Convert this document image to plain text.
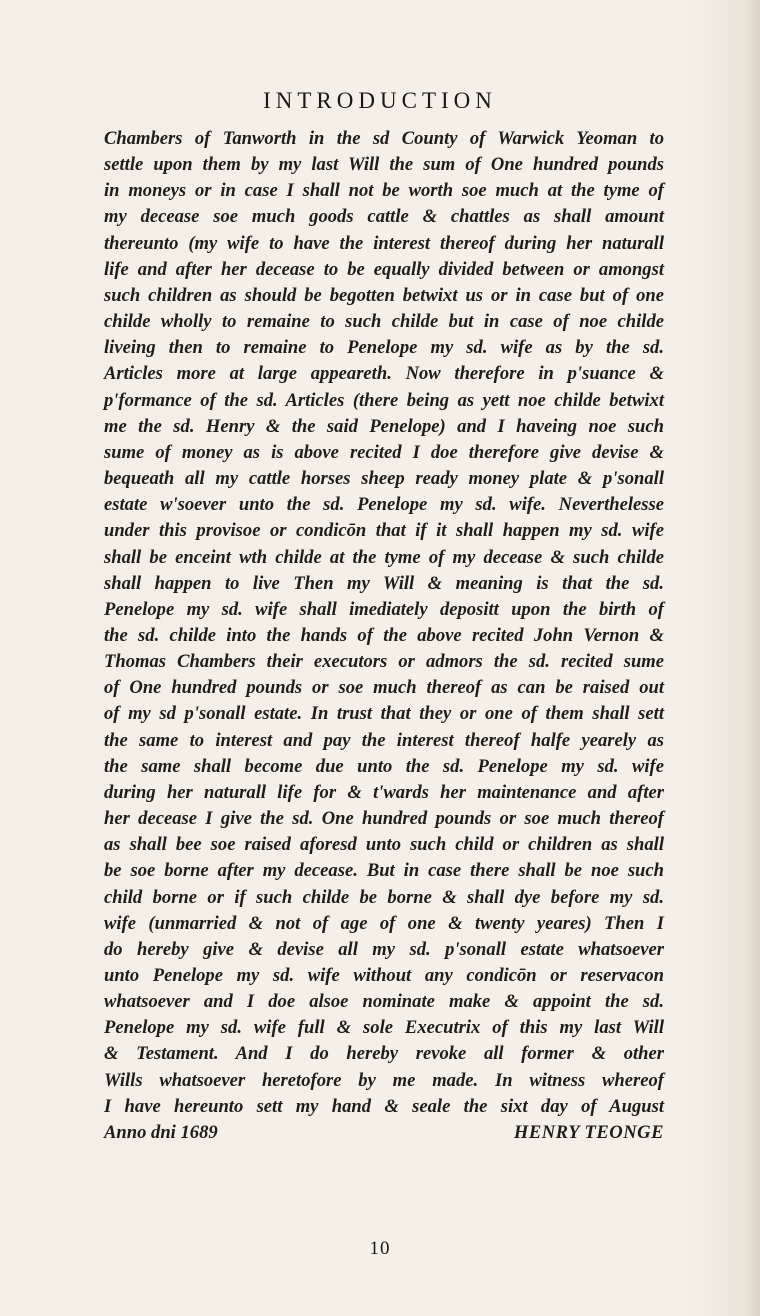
INTRODUCTION
Chambers of Tanworth in the sd County of Warwick Yeoman to
settle upon them by my last Will the sum of One hundred pounds
in moneys or in case I shall not be worth soe much at the tyme of
my decease soe much goods cattle & chattles as shall amount
thereunto (my wife to have the interest thereof during her naturall
life and after her decease to be equally divided between or amongst
such children as should be begotten betwixt us or in case but of one
childe wholly to remaine to such childe but in case of noe childe
liveing then to remaine to Penelope my sd. wife as by the sd.
Articles more at large appeareth. Now therefore in p'suance &
p'formance of the sd. Articles (there being as yett noe childe betwixt
me the sd. Henry & the said Penelope) and I haveing noe such
sume of money as is above recited I doe therefore give devise &
bequeath all my cattle horses sheep ready money plate & p'sonall
estate w'soever unto the sd. Penelope my sd. wife. Neverthelesse
under this provisoe or condicōn that if it shall happen my sd. wife
shall be enceint wth childe at the tyme of my decease & such childe
shall happen to live Then my Will & meaning is that the sd.
Penelope my sd. wife shall imediately depositt upon the birth of
the sd. childe into the hands of the above recited John Vernon &
Thomas Chambers their executors or admors the sd. recited sume
of One hundred pounds or soe much thereof as can be raised out
of my sd p'sonall estate. In trust that they or one of them shall sett
the same to interest and pay the interest thereof halfe yearely as
the same shall become due unto the sd. Penelope my sd. wife
during her naturall life for & t'wards her maintenance and after
her decease I give the sd. One hundred pounds or soe much thereof
as shall bee soe raised aforesd unto such child or children as shall
be soe borne after my decease. But in case there shall be noe such
child borne or if such childe be borne & shall dye before my sd.
wife (unmarried & not of age of one & twenty yeares) Then I
do hereby give & devise all my sd. p'sonall estate whatsoever
unto Penelope my sd. wife without any condicōn or reservacon
whatsoever and I doe alsoe nominate make & appoint the sd.
Penelope my sd. wife full & sole Executrix of this my last Will
& Testament. And I do hereby revoke all former & other
Wills whatsoever heretofore by me made. In witness whereof
I have hereunto sett my hand & seale the sixt day of August
Anno dni 1689	HENRY TEONGE
10
